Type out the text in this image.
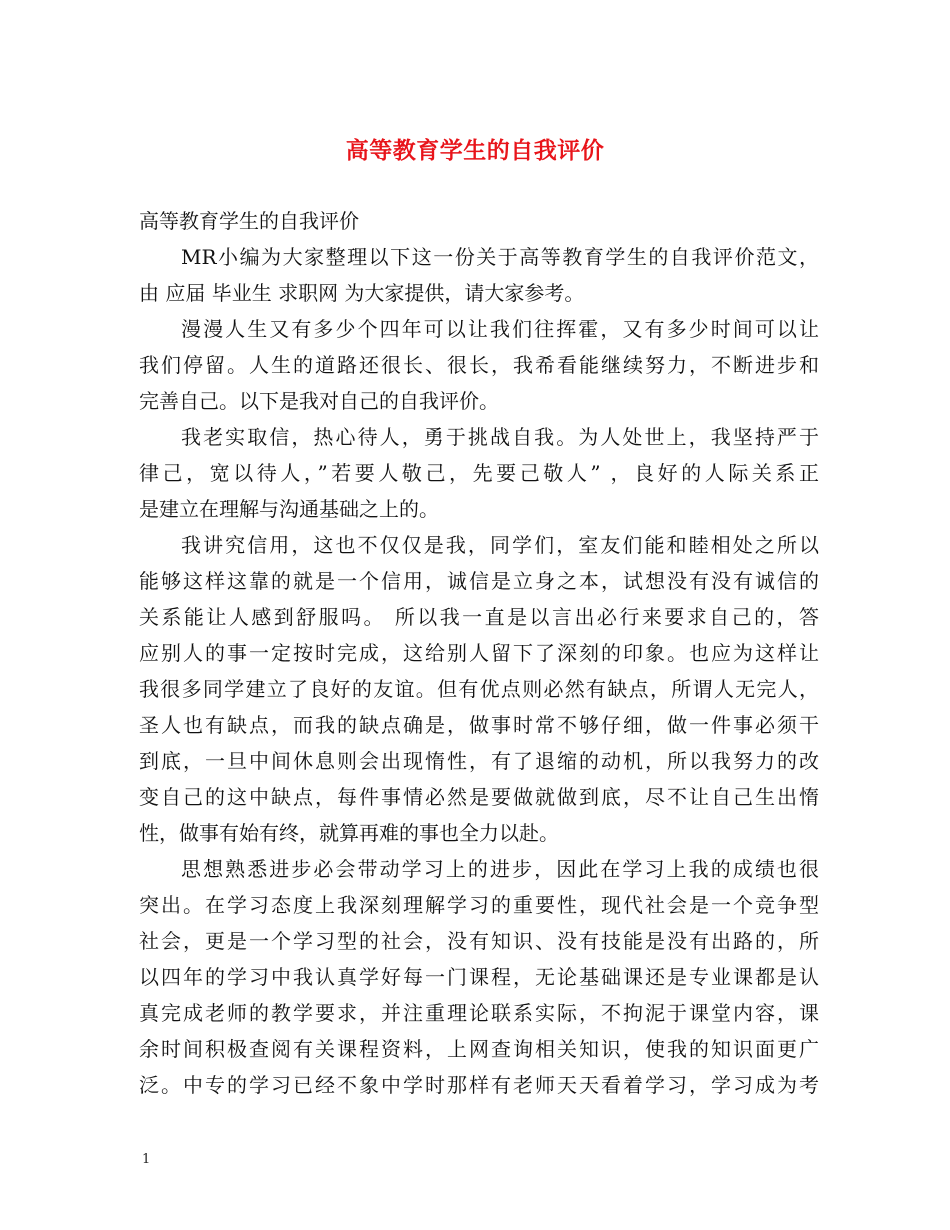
高等教育学生的自我评价
高等教育学生的自我评价
MR小编为大家整理以下这一份关于高等教育学生的自我评价范文，
由 应届 毕业生 求职网 为大家提供，请大家参考。
漫漫人生又有多少个四年可以让我们往挥霍，又有多少时间可以让
我们停留。人生的道路还很长、很长，我希看能继续努力，不断进步和
完善自己。以下是我对自己的自我评价。
我老实取信，热心待人，勇于挑战自我。为人处世上，我坚持严于
律己，宽以待人，”若要人敬己，先要己敬人” ，良好的人际关系正
是建立在理解与沟通基础之上的。
我讲究信用，这也不仅仅是我，同学们，室友们能和睦相处之所以
能够这样这靠的就是一个信用，诚信是立身之本，试想没有没有诚信的
关系能让人感到舒服吗。 所以我一直是以言出必行来要求自己的，答
应别人的事一定按时完成，这给别人留下了深刻的印象。也应为这样让
我很多同学建立了良好的友谊。但有优点则必然有缺点，所谓人无完人，
圣人也有缺点，而我的缺点确是，做事时常不够仔细，做一件事必须干
到底，一旦中间休息则会出现惰性，有了退缩的动机，所以我努力的改
变自己的这中缺点，每件事情必然是要做就做到底，尽不让自己生出惰
性，做事有始有终，就算再难的事也全力以赴。
思想熟悉进步必会带动学习上的进步，因此在学习上我的成绩也很
突出。在学习态度上我深刻理解学习的重要性，现代社会是一个竞争型
社会，更是一个学习型的社会，没有知识、没有技能是没有出路的，所
以四年的学习中我认真学好每一门课程，无论基础课还是专业课都是认
真完成老师的教学要求，并注重理论联系实际，不拘泥于课堂内容，课
余时间积极查阅有关课程资料，上网查询相关知识，使我的知识面更广
泛。中专的学习已经不象中学时那样有老师天天看着学习，学习成为考
1
